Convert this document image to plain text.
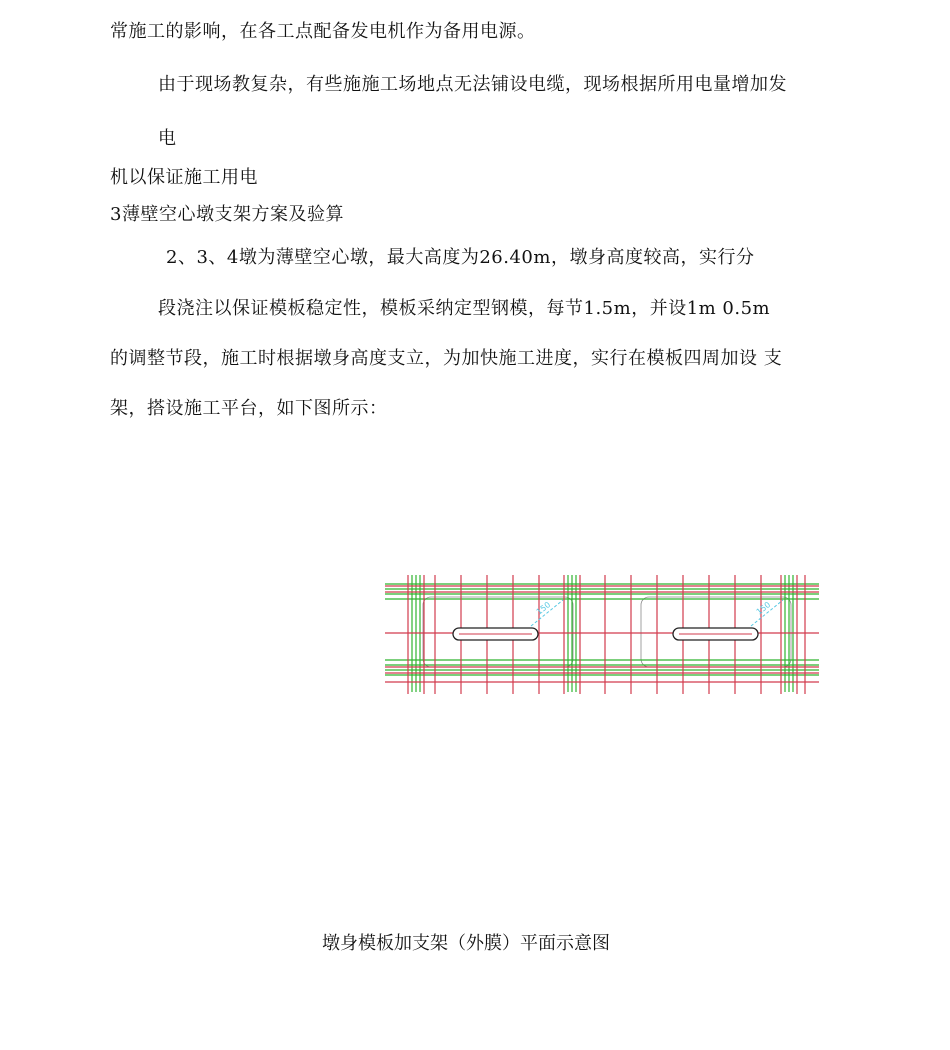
常施工的影响，在各工点配备发电机作为备用电源。
由于现场教复杂，有些施施工场地点无法铺设电缆，现场根据所用电量增加发
电
机以保证施工用电
3薄壁空心墩支架方案及验算
2、3、4墩为薄壁空心墩，最大高度为26.40m，墩身高度较高，实行分
段浇注以保证模板稳定性，模板采纳定型钢模，每节1.5m，并设1m 0.5m
的调整节段，施工时根据墩身高度支立，为加快施工进度，实行在模板四周加设 支
架，搭设施工平台，如下图所示：
150	150
墩身模板加支架（外膜）平面示意图
